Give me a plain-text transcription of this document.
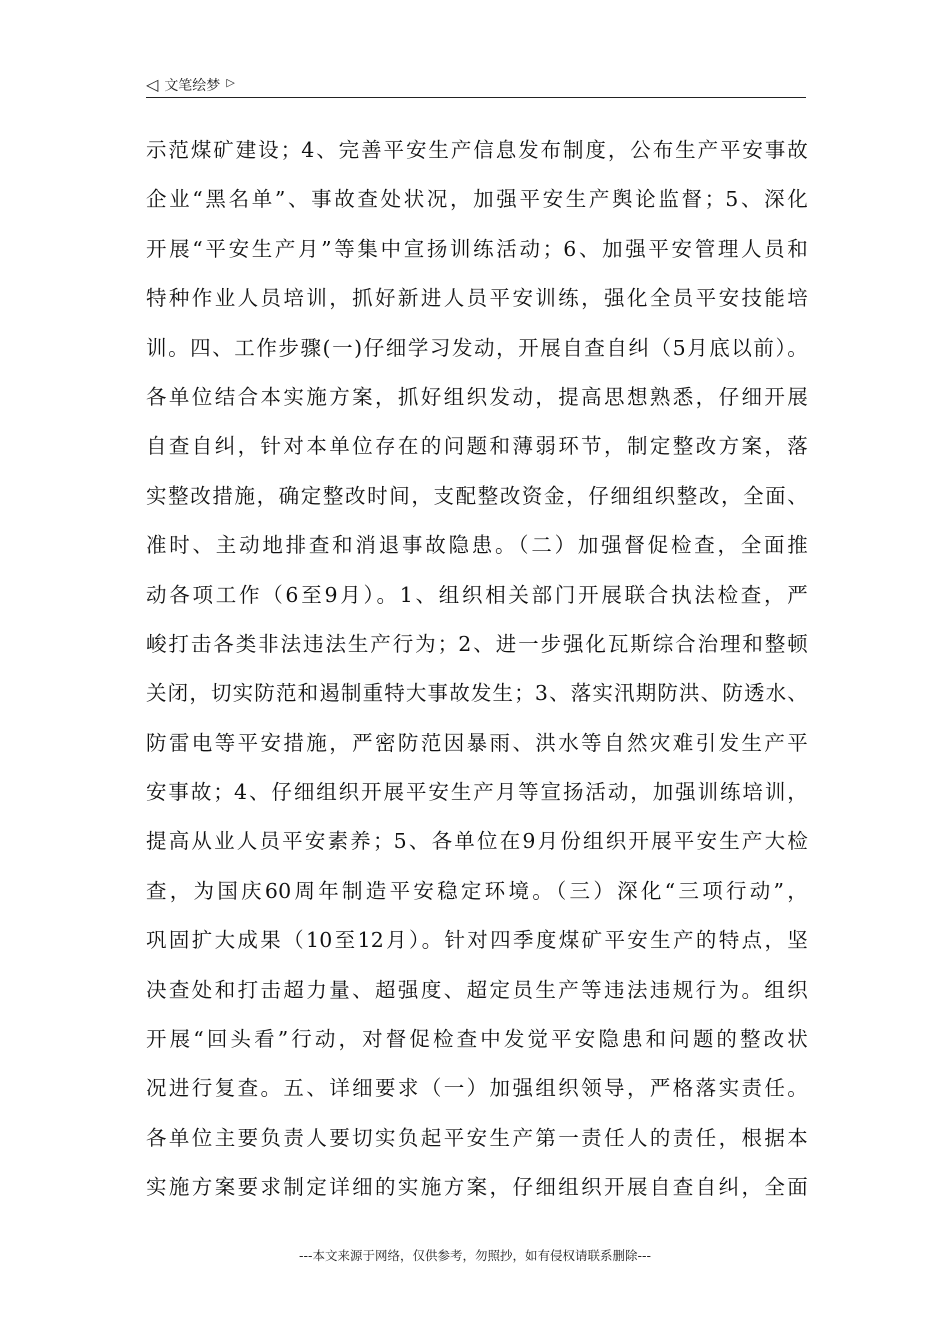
◁ 文笔绘梦 ▷
示范煤矿建设；4、完善平安生产信息发布制度，公布生产平安事故
企业“黑名单”、事故查处状况，加强平安生产舆论监督；5、深化
开展“平安生产月”等集中宣扬训练活动；6、加强平安管理人员和
特种作业人员培训，抓好新进人员平安训练，强化全员平安技能培
训。四、工作步骤(一)仔细学习发动，开展自查自纠（5月底以前）。
各单位结合本实施方案，抓好组织发动，提高思想熟悉，仔细开展
自查自纠，针对本单位存在的问题和薄弱环节，制定整改方案，落
实整改措施，确定整改时间，支配整改资金，仔细组织整改，全面、
准时、主动地排查和消退事故隐患。（二）加强督促检查，全面推
动各项工作（6至9月）。1、组织相关部门开展联合执法检查，严
峻打击各类非法违法生产行为；2、进一步强化瓦斯综合治理和整顿
关闭，切实防范和遏制重特大事故发生；3、落实汛期防洪、防透水、
防雷电等平安措施，严密防范因暴雨、洪水等自然灾难引发生产平
安事故；4、仔细组织开展平安生产月等宣扬活动，加强训练培训，
提高从业人员平安素养；5、各单位在9月份组织开展平安生产大检
查，为国庆60周年制造平安稳定环境。（三）深化“三项行动”，
巩固扩大成果（10至12月）。针对四季度煤矿平安生产的特点，坚
决查处和打击超力量、超强度、超定员生产等违法违规行为。组织
开展“回头看”行动，对督促检查中发觉平安隐患和问题的整改状
况进行复查。五、详细要求（一）加强组织领导，严格落实责任。
各单位主要负责人要切实负起平安生产第一责任人的责任，根据本
实施方案要求制定详细的实施方案，仔细组织开展自查自纠，全面
---本文来源于网络，仅供参考，勿照抄，如有侵权请联系删除---
